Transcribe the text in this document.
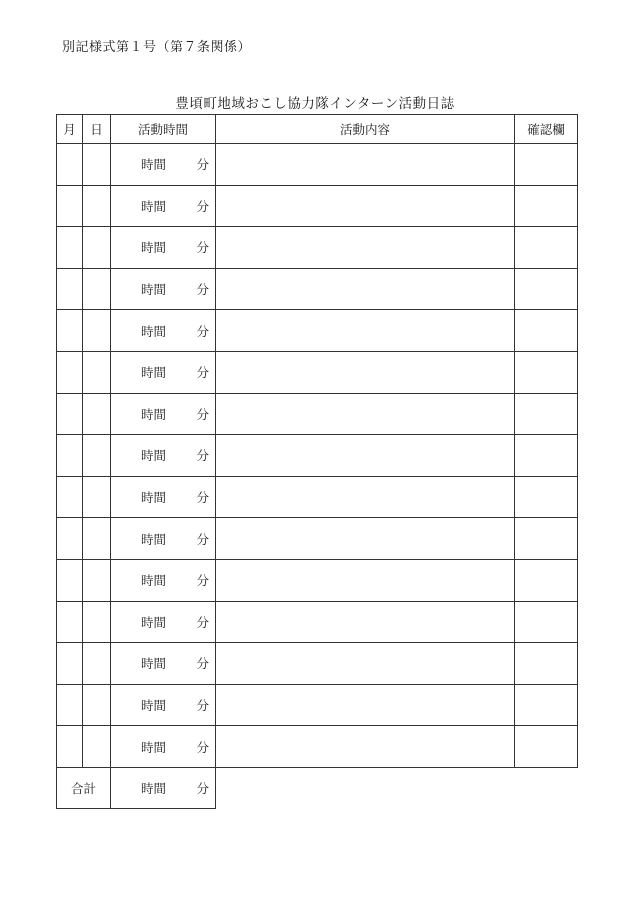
別記様式第１号（第７条関係）
豊頃町地域おこし協力隊インターン活動日誌
月	日	活動時間	活動内容	確認欄

		時間 分		

		時間 分		

		時間 分		

		時間 分		

		時間 分		

		時間 分		

		時間 分		

		時間 分		

		時間 分		

		時間 分		

		時間 分		

		時間 分		

		時間 分		

		時間 分		

		時間 分		

合計		時間 分		
